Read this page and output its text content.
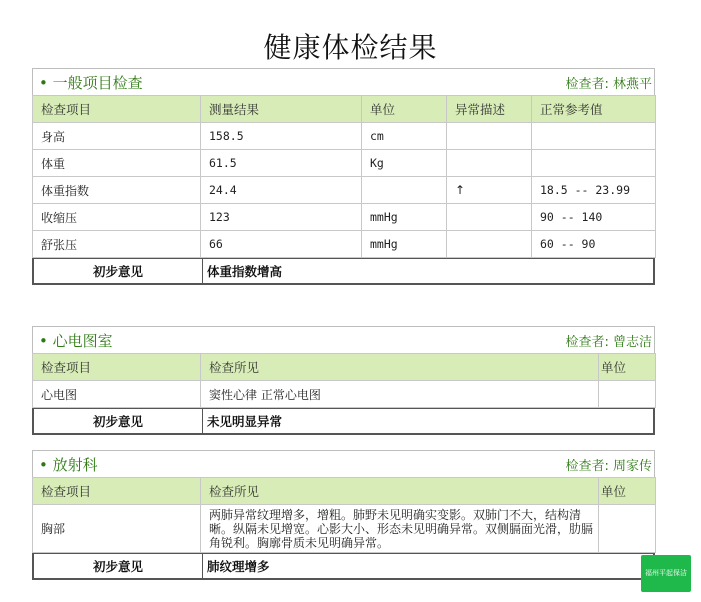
健康体检结果
• 一般项目检查	检查者: 林燕平
检查项目	测量结果	单位	异常描述	正常参考值
身高	158.5	cm		
体重	61.5	Kg		
体重指数	24.4		↑	18.5 -- 23.99
收缩压	123	mmHg		90 -- 140
舒张压	66	mmHg		60 -- 90
初步意见	体重指数增高
• 心电图室	检查者: 曾志洁
检查项目	检查所见	单位
心电图	窦性心律 正常心电图	
初步意见	未见明显异常
• 放射科	检查者: 周家传
检查项目	检查所见	单位
胸部	两肺异常纹理增多，增粗。肺野未见明确实变影。双肺门不大，结构清晰。纵隔未见增宽。心影大小、形态未见明确异常。双侧膈面光滑，肋膈角锐利。胸廓骨质未见明确异常。	
初步意见	肺纹理增多	福州平起保洁
